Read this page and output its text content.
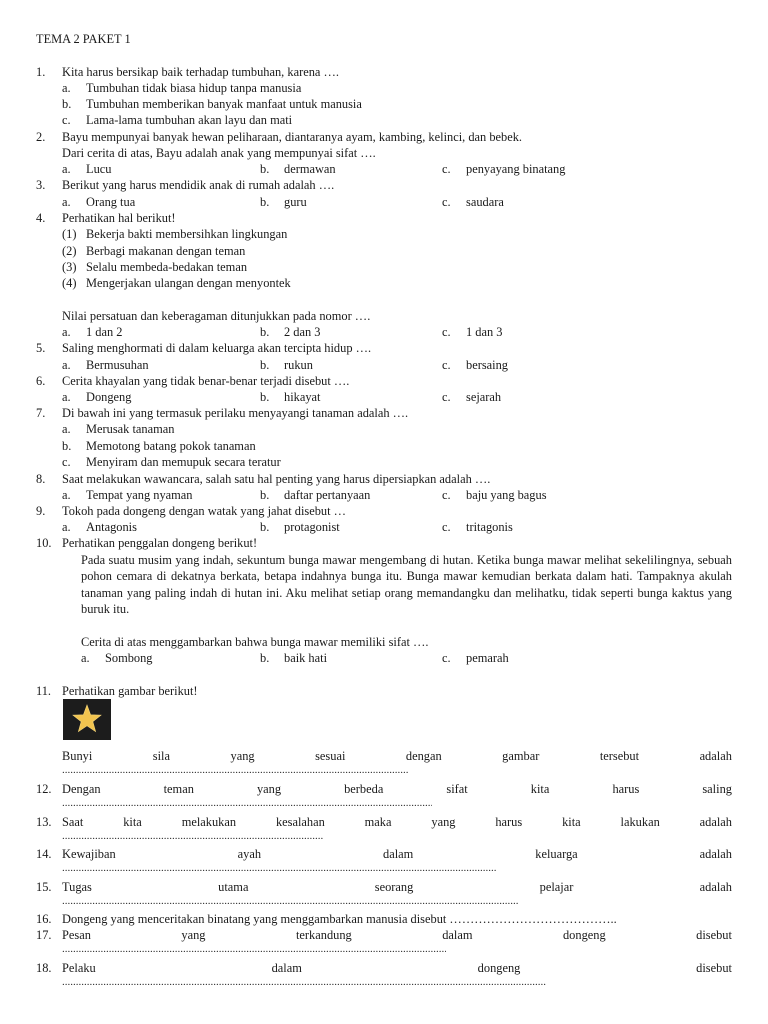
TEMA 2 PAKET 1
1. Kita harus bersikap baik terhadap tumbuhan, karena ….
a. Tumbuhan tidak biasa hidup tanpa manusia
b. Tumbuhan memberikan banyak manfaat untuk manusia
c. Lama-lama tumbuhan akan layu dan mati
2. Bayu mempunyai banyak hewan peliharaan, diantaranya ayam, kambing, kelinci, dan bebek.
Dari cerita di atas, Bayu adalah anak yang mempunyai sifat ….
a. Lucu	b. dermawan	c. penyayang binatang
3. Berikut yang harus mendidik anak di rumah adalah ….
a. Orang tua	b. guru	c. saudara
4. Perhatikan hal berikut!
(1) Bekerja bakti membersihkan lingkungan
(2) Berbagi makanan dengan teman
(3) Selalu membeda-bedakan teman
(4) Mengerjakan ulangan dengan menyontek
Nilai persatuan dan keberagaman ditunjukkan pada nomor ….
a. 1 dan 2	b. 2 dan 3	c. 1 dan 3
5. Saling menghormati di dalam keluarga akan tercipta hidup ….
a. Bermusuhan	b. rukun	c. bersaing
6. Cerita khayalan yang tidak benar-benar terjadi disebut ….
a. Dongeng	b. hikayat	c. sejarah
7. Di bawah ini yang termasuk perilaku menyayangi tanaman adalah ….
a. Merusak tanaman
b. Memotong batang pokok tanaman
c. Menyiram dan memupuk secara teratur
8. Saat melakukan wawancara, salah satu hal penting yang harus dipersiapkan adalah ….
a. Tempat yang nyaman	b. daftar pertanyaan	c. baju yang bagus
9. Tokoh pada dongeng dengan watak yang jahat disebut …
a. Antagonis	b. protagonist	c. tritagonis
10. Perhatikan penggalan dongeng berikut!
Pada suatu musim yang indah, sekuntum bunga mawar mengembang di hutan. Ketika bunga mawar melihat sekelilingnya, sebuah pohon cemara di dekatnya berkata, betapa indahnya bunga itu. Bunga mawar kemudian berkata dalam hati. Tampaknya akulah tanaman yang paling indah di hutan ini. Aku melihat setiap orang memandangku dan melihatku, tidak seperti bunga kaktus yang buruk itu.
Cerita di atas menggambarkan bahwa bunga mawar memiliki sifat ….
a. Sombong	b. baik hati	c. pemarah
11. Perhatikan gambar berikut!
Bunyi	sila	yang	sesuai	dengan	gambar	tersebut	adalah
.....
12. Dengan	teman	yang	berbeda	sifat	kita	harus	saling
.....
13. Saat	kita	melakukan	kesalahan	maka	yang	harus	kita	lakukan	adalah
.....
14. Kewajiban	ayah	dalam	keluarga	adalah
.....
15. Tugas	utama	seorang	pelajar	adalah
.....
16. Dongeng yang menceritakan binatang yang menggambarkan manusia disebut …………………………………..
17. Pesan	yang	terkandung	dalam	dongeng	disebut
.....
18. Pelaku	dalam	dongeng	disebut
.....
